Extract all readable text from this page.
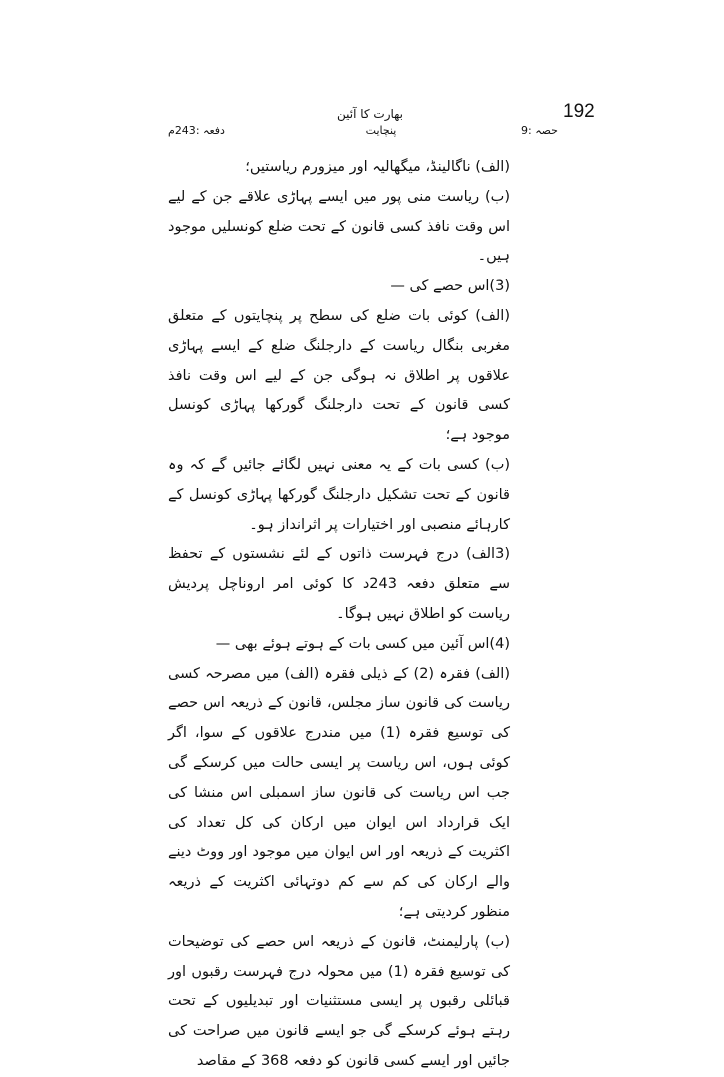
192
بھارت کا آئین
حصہ :9
پنچایت
دفعہ :243م

(الف) ناگالینڈ، میگھالیہ اور میزورم ریاستیں؛

(ب) ریاست منی پور میں ایسے پہاڑی علاقے جن کے لیے اس وقت نافذ کسی قانون کے تحت ضلع کونسلیں موجود ہیں۔

(3)اس حصے کی —

(الف) کوئی بات ضلع کی سطح پر پنچایتوں کے متعلق مغربی بنگال ریاست کے دارجلنگ ضلع کے ایسے پہاڑی علاقوں پر اطلاق نہ ہوگی جن کے لیے اس وقت نافذ کسی قانون کے تحت دارجلنگ گورکھا پہاڑی کونسل موجود ہے؛

(ب) کسی بات کے یہ معنی نہیں لگائے جائیں گے کہ وہ قانون کے تحت تشکیل دارجلنگ گورکھا پہاڑی کونسل کے کارہائے منصبی اور اختیارات پر اثرانداز ہو۔

(3الف) درج فہرست ذاتوں کے لئے نشستوں کے تحفظ سے متعلق دفعہ 243د کا کوئی امر اروناچل پردیش ریاست کو اطلاق نہیں ہوگا۔

(4)اس آئین میں کسی بات کے ہوتے ہوئے بھی —

(الف) فقرہ (2) کے ذیلی فقرہ (الف) میں مصرحہ کسی ریاست کی قانون ساز مجلس، قانون کے ذریعہ اس حصے کی توسیع فقرہ (1) میں مندرج علاقوں کے سوا، اگر کوئی ہوں، اس ریاست پر ایسی حالت میں کرسکے گی جب اس ریاست کی قانون ساز اسمبلی اس منشا کی ایک قرارداد اس ایوان میں ارکان کی کل تعداد کی اکثریت کے ذریعہ اور اس ایوان میں موجود اور ووٹ دینے والے ارکان کی کم سے کم دوتہائی اکثریت کے ذریعہ منظور کردیتی ہے؛

(ب) پارلیمنٹ، قانون کے ذریعہ اس حصے کی توضیحات کی توسیع فقرہ (1) میں محولہ درج فہرست رقبوں اور قبائلی رقبوں پر ایسی مستثنیات اور تبدیلیوں کے تحت رہتے ہوئے کرسکے گی جو ایسے قانون میں صراحت کی جائیں اور ایسے کسی قانون کو دفعہ 368 کے مقاصد
